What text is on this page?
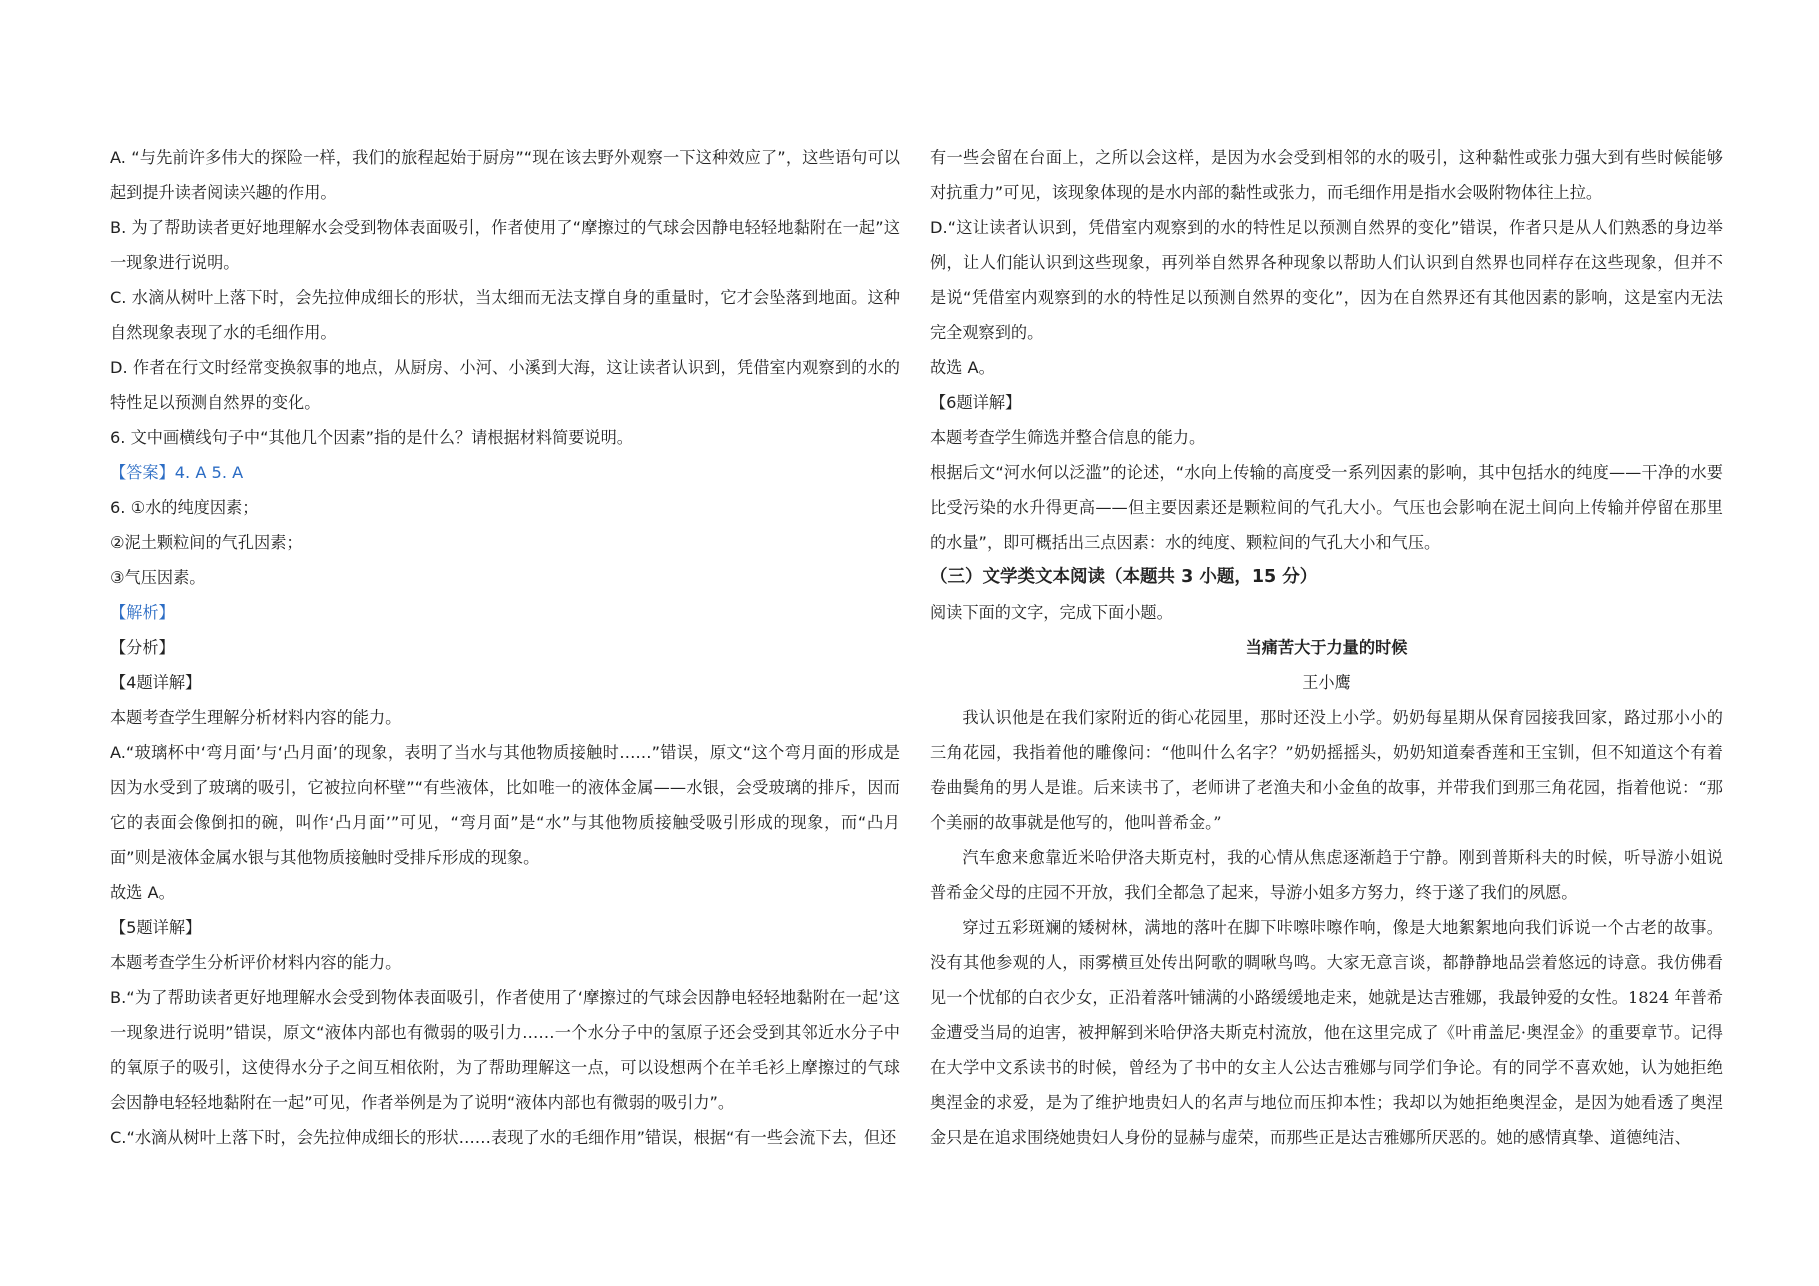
A. “与先前许多伟大的探险一样，我们的旅程起始于厨房”“现在该去野外观察一下这种效应了”，这些语句可以起到提升读者阅读兴趣的作用。

B. 为了帮助读者更好地理解水会受到物体表面吸引，作者使用了“摩擦过的气球会因静电轻轻地黏附在一起”这一现象进行说明。

C. 水滴从树叶上落下时，会先拉伸成细长的形状，当太细而无法支撑自身的重量时，它才会坠落到地面。这种自然现象表现了水的毛细作用。

D. 作者在行文时经常变换叙事的地点，从厨房、小河、小溪到大海，这让读者认识到，凭借室内观察到的水的特性足以预测自然界的变化。

6. 文中画横线句子中“其他几个因素”指的是什么？请根据材料简要说明。

【答案】4. A 5. A

6. ①水的纯度因素；

②泥土颗粒间的气孔因素；

③气压因素。

【解析】

【分析】

【4题详解】

本题考查学生理解分析材料内容的能力。

A.“玻璃杯中‘弯月面’与‘凸月面’的现象，表明了当水与其他物质接触时……”错误，原文“这个弯月面的形成是因为水受到了玻璃的吸引，它被拉向杯壁”“有些液体，比如唯一的液体金属——水银，会受玻璃的排斥，因而它的表面会像倒扣的碗，叫作‘凸月面’”可见，“弯月面”是“水”与其他物质接触受吸引形成的现象，而“凸月面”则是液体金属水银与其他物质接触时受排斥形成的现象。

故选 A。

【5题详解】

本题考查学生分析评价材料内容的能力。

B.“为了帮助读者更好地理解水会受到物体表面吸引，作者使用了‘摩擦过的气球会因静电轻轻地黏附在一起’这一现象进行说明”错误，原文“液体内部也有微弱的吸引力……一个水分子中的氢原子还会受到其邻近水分子中的氧原子的吸引，这使得水分子之间互相依附，为了帮助理解这一点，可以设想两个在羊毛衫上摩擦过的气球会因静电轻轻地黏附在一起”可见，作者举例是为了说明“液体内部也有微弱的吸引力”。

C.“水滴从树叶上落下时，会先拉伸成细长的形状……表现了水的毛细作用”错误，根据“有一些会流下去，但还

有一些会留在台面上，之所以会这样，是因为水会受到相邻的水的吸引，这种黏性或张力强大到有些时候能够对抗重力”可见，该现象体现的是水内部的黏性或张力，而毛细作用是指水会吸附物体往上拉。

D.“这让读者认识到，凭借室内观察到的水的特性足以预测自然界的变化”错误，作者只是从人们熟悉的身边举例，让人们能认识到这些现象，再列举自然界各种现象以帮助人们认识到自然界也同样存在这些现象，但并不是说“凭借室内观察到的水的特性足以预测自然界的变化”，因为在自然界还有其他因素的影响，这是室内无法完全观察到的。

故选 A。

【6题详解】

本题考查学生筛选并整合信息的能力。

根据后文“河水何以泛滥”的论述，“水向上传输的高度受一系列因素的影响，其中包括水的纯度——干净的水要比受污染的水升得更高——但主要因素还是颗粒间的气孔大小。气压也会影响在泥土间向上传输并停留在那里的水量”，即可概括出三点因素：水的纯度、颗粒间的气孔大小和气压。

（三）文学类文本阅读（本题共 3 小题，15 分）

阅读下面的文字，完成下面小题。

当痛苦大于力量的时候

王小鹰

我认识他是在我们家附近的街心花园里，那时还没上小学。奶奶每星期从保育园接我回家，路过那小小的三角花园，我指着他的雕像问：“他叫什么名字？”奶奶摇摇头，奶奶知道秦香莲和王宝钏，但不知道这个有着卷曲鬓角的男人是谁。后来读书了，老师讲了老渔夫和小金鱼的故事，并带我们到那三角花园，指着他说：“那个美丽的故事就是他写的，他叫普希金。”

汽车愈来愈靠近米哈伊洛夫斯克村，我的心情从焦虑逐渐趋于宁静。刚到普斯科夫的时候，听导游小姐说普希金父母的庄园不开放，我们全都急了起来，导游小姐多方努力，终于遂了我们的夙愿。

穿过五彩斑斓的矮树林，满地的落叶在脚下咔嚓咔嚓作响，像是大地絮絮地向我们诉说一个古老的故事。没有其他参观的人，雨雾横亘处传出阿歌的啁啾鸟鸣。大家无意言谈，都静静地品尝着悠远的诗意。我仿佛看见一个忧郁的白衣少女，正沿着落叶铺满的小路缓缓地走来，她就是达吉雅娜，我最钟爱的女性。1824 年普希金遭受当局的迫害，被押解到米哈伊洛夫斯克村流放，他在这里完成了《叶甫盖尼·奥涅金》的重要章节。记得在大学中文系读书的时候，曾经为了书中的女主人公达吉雅娜与同学们争论。有的同学不喜欢她，认为她拒绝奥涅金的求爱，是为了维护地贵妇人的名声与地位而压抑本性；我却以为她拒绝奥涅金，是因为她看透了奥涅金只是在追求围绕她贵妇人身份的显赫与虚荣，而那些正是达吉雅娜所厌恶的。她的感情真挚、道德纯洁、
